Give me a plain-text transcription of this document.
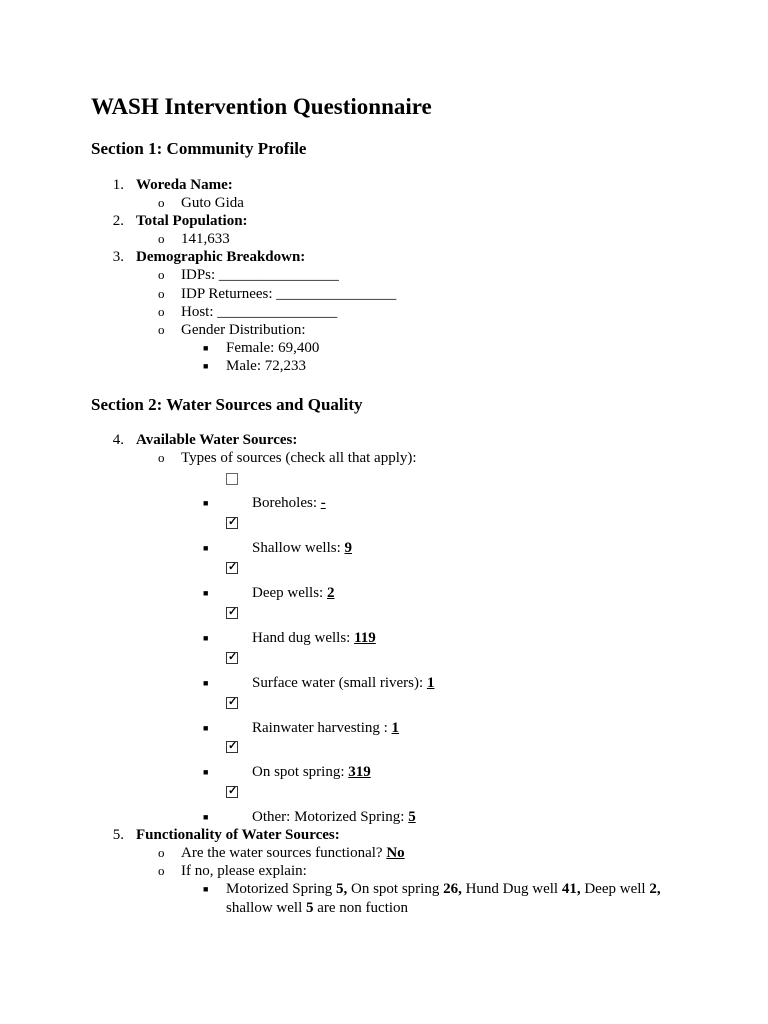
WASH Intervention Questionnaire
Section 1: Community Profile
1. Woreda Name:
o Guto Gida
2. Total Population:
o 141,633
3. Demographic Breakdown:
o IDPs: ________________
o IDP Returnees: ________________
o Host: ________________
o Gender Distribution:
■ Female: 69,400
■ Male: 72,233
Section 2: Water Sources and Quality
4. Available Water Sources:
o Types of sources (check all that apply):
■	Boreholes: -
✓
■	Shallow wells: 9
✓
■	Deep wells: 2
✓
■	Hand dug wells: 119
✓
■	Surface water (small rivers): 1
✓
■	Rainwater harvesting : 1
✓
■	On spot spring: 319
✓
■	Other: Motorized Spring: 5
5. Functionality of Water Sources:
o Are the water sources functional? No
o If no, please explain:
■ Motorized Spring 5, On spot spring 26, Hund Dug well 41, Deep well 2,
shallow well 5 are non fuction
